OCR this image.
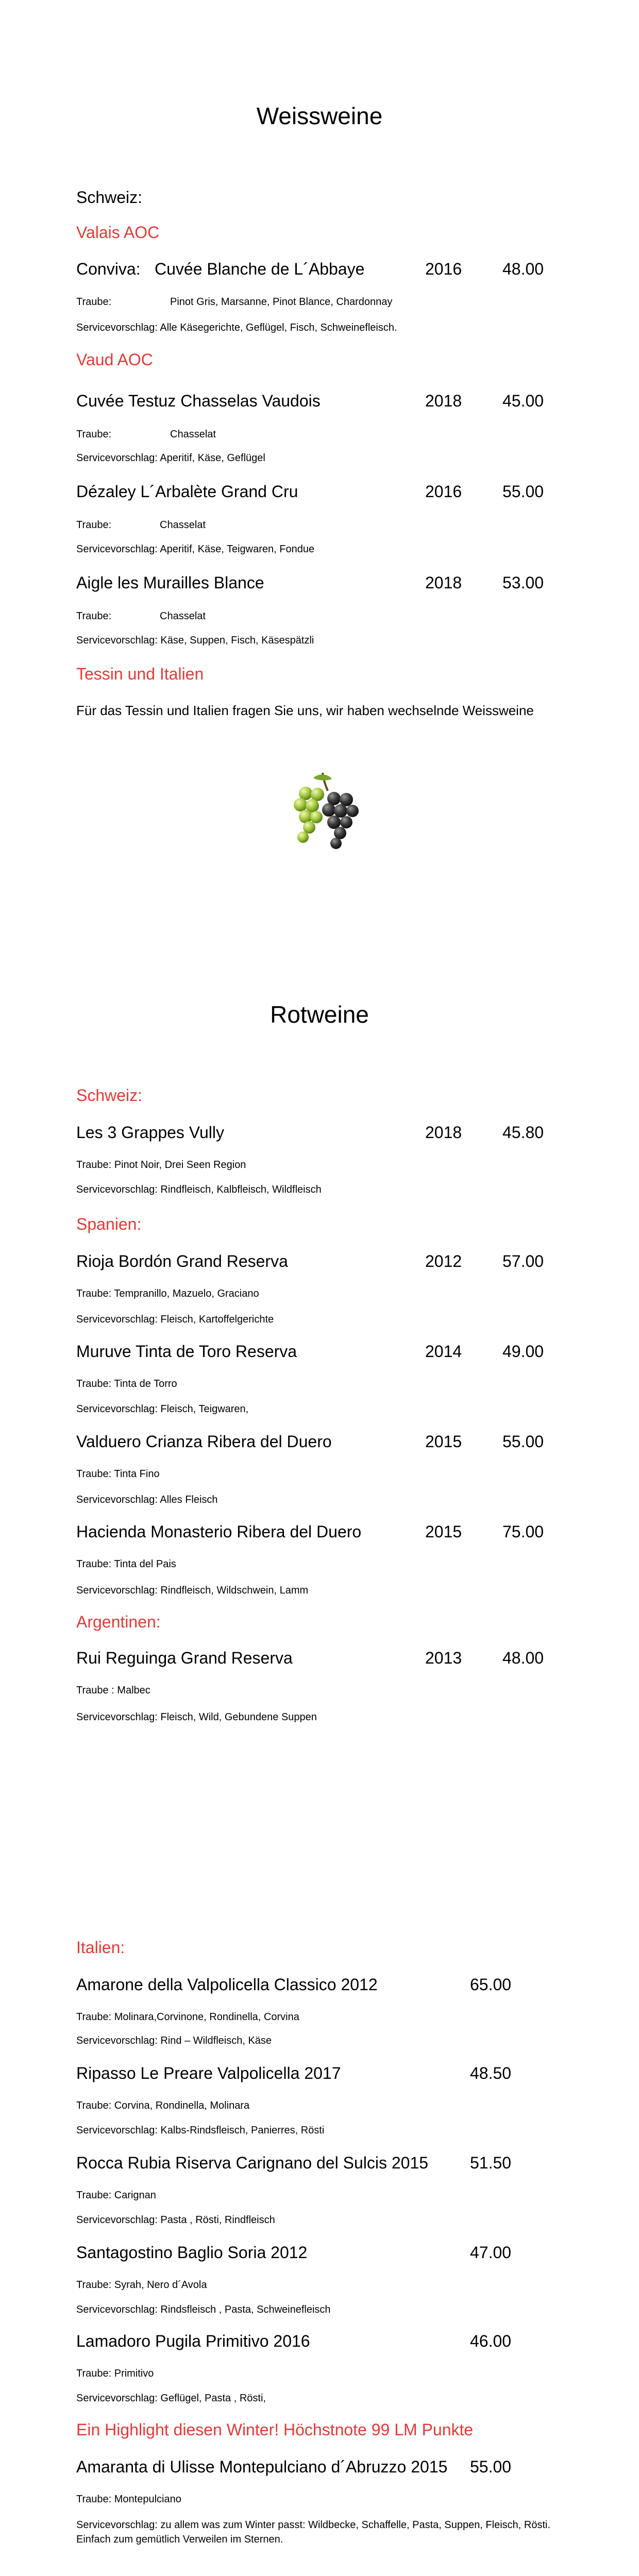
Weissweine
Schweiz:
Valais AOC
Conviva: Cuvée Blanche de L´Abbaye	2016 48.00
Traube:	Pinot Gris, Marsanne, Pinot Blance, Chardonnay
Servicevorschlag: Alle Käsegerichte, Geflügel, Fisch, Schweinefleisch.
Vaud AOC
Cuvée Testuz Chasselas Vaudois	2018 45.00
Traube:	Chasselat
Servicevorschlag: Aperitif, Käse, Geflügel
Dézaley L´Arbalète Grand Cru	2016 55.00
Traube:	Chasselat
Servicevorschlag: Aperitif, Käse, Teigwaren, Fondue
Aigle les Murailles Blance	2018 53.00
Traube:	Chasselat
Servicevorschlag: Käse, Suppen, Fisch, Käsespätzli
Tessin und Italien
Für das Tessin und Italien fragen Sie uns, wir haben wechselnde Weissweine
Rotweine
Schweiz:
Les 3 Grappes Vully	2018 45.80
Traube: Pinot Noir, Drei Seen Region
Servicevorschlag: Rindfleisch, Kalbfleisch, Wildfleisch
Spanien:
Rioja Bordón Grand Reserva	2012 57.00
Traube: Tempranillo, Mazuelo, Graciano
Servicevorschlag: Fleisch, Kartoffelgerichte
Muruve Tinta de Toro Reserva	2014 49.00
Traube: Tinta de Torro
Servicevorschlag: Fleisch, Teigwaren,
Valduero Crianza Ribera del Duero	2015 55.00
Traube: Tinta Fino
Servicevorschlag: Alles Fleisch
Hacienda Monasterio Ribera del Duero	2015 75.00
Traube: Tinta del Pais
Servicevorschlag: Rindfleisch, Wildschwein, Lamm
Argentinen:
Rui Reguinga Grand Reserva	2013 48.00
Traube : Malbec
Servicevorschlag: Fleisch, Wild, Gebundene Suppen
Italien:
Amarone della Valpolicella Classico 2012	65.00
Traube: Molinara,Corvinone, Rondinella, Corvina
Servicevorschlag: Rind – Wildfleisch, Käse
Ripasso Le Preare Valpolicella 2017	48.50
Traube: Corvina, Rondinella, Molinara
Servicevorschlag: Kalbs-Rindsfleisch, Panierres, Rösti
Rocca Rubia Riserva Carignano del Sulcis 2015	51.50
Traube: Carignan
Servicevorschlag: Pasta , Rösti, Rindfleisch
Santagostino Baglio Soria 2012	47.00
Traube: Syrah, Nero d´Avola
Servicevorschlag: Rindsfleisch , Pasta, Schweinefleisch
Lamadoro Pugila Primitivo 2016	46.00
Traube: Primitivo
Servicevorschlag: Geflügel, Pasta , Rösti,
Ein Highlight diesen Winter! Höchstnote 99 LM Punkte
Amaranta di Ulisse Montepulciano d´Abruzzo 2015 55.00
Traube: Montepulciano
Servicevorschlag: zu allem was zum Winter passt: Wildbecke, Schaffelle, Pasta, Suppen, Fleisch, Rösti.
Einfach zum gemütlich Verweilen im Sternen.
